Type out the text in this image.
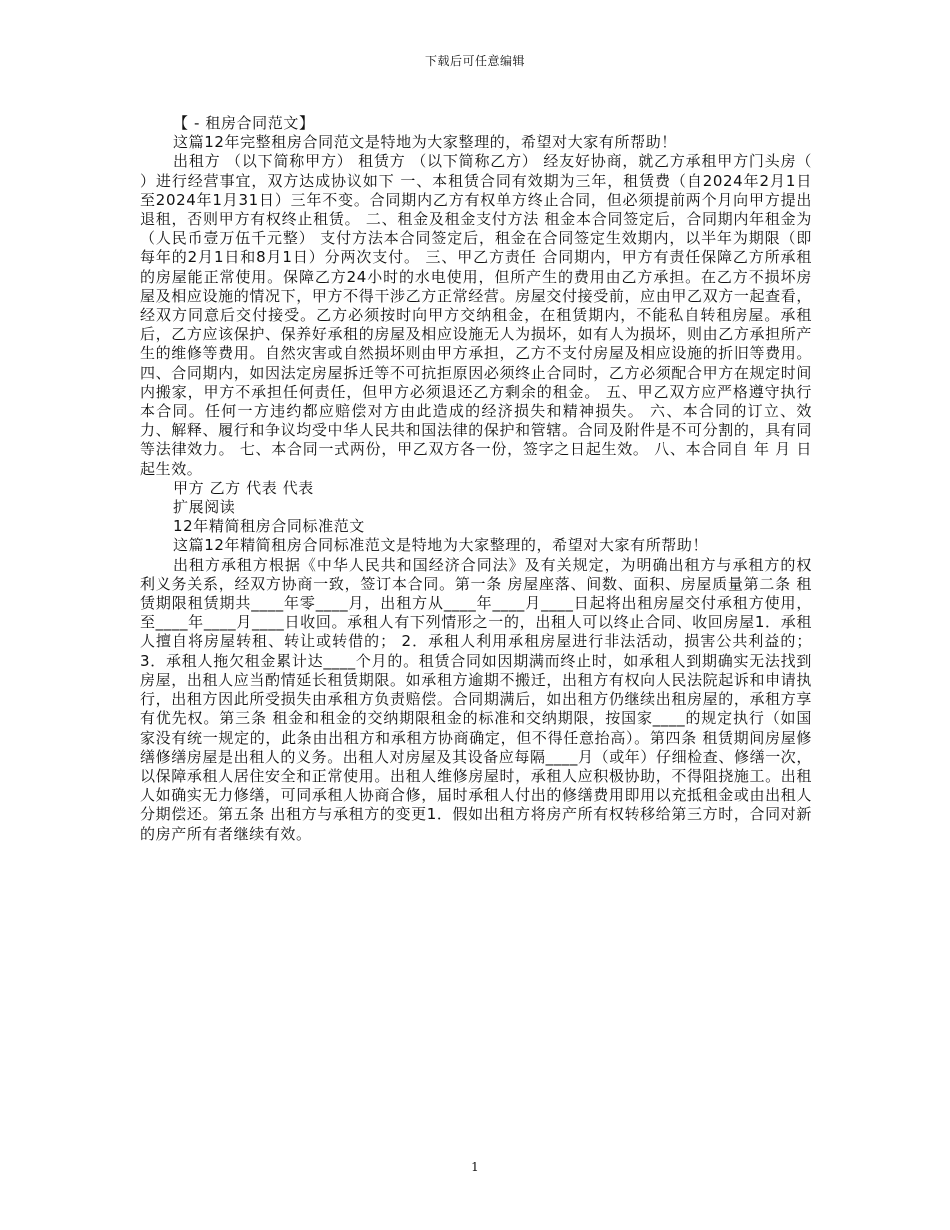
下载后可任意编辑

【 - 租房合同范文】

这篇12年完整租房合同范文是特地为大家整理的，希望对大家有所帮助！

出租方 （以下简称甲方） 租赁方 （以下简称乙方） 经友好协商，就乙方承租甲方门头房（ ）进行经营事宜，双方达成协议如下 一、本租赁合同有效期为三年，租赁费（自2024年2月1日至2024年1月31日）三年不变。合同期内乙方有权单方终止合同，但必须提前两个月向甲方提出退租，否则甲方有权终止租赁。 二、租金及租金支付方法 租金本合同签定后，合同期内年租金为（人民币壹万伍千元整） 支付方法本合同签定后，租金在合同签定生效期内，以半年为期限（即每年的2月1日和8月1日）分两次支付。 三、甲乙方责任 合同期内，甲方有责任保障乙方所承租的房屋能正常使用。保障乙方24小时的水电使用，但所产生的费用由乙方承担。在乙方不损坏房屋及相应设施的情况下，甲方不得干涉乙方正常经营。房屋交付接受前，应由甲乙双方一起查看，经双方同意后交付接受。乙方必须按时向甲方交纳租金，在租赁期内，不能私自转租房屋。承租后，乙方应该保护、保养好承租的房屋及相应设施无人为损坏，如有人为损坏，则由乙方承担所产生的维修等费用。自然灾害或自然损坏则由甲方承担，乙方不支付房屋及相应设施的折旧等费用。 四、合同期内，如因法定房屋拆迁等不可抗拒原因必须终止合同时，乙方必须配合甲方在规定时间内搬家，甲方不承担任何责任，但甲方必须退还乙方剩余的租金。 五、甲乙双方应严格遵守执行本合同。任何一方违约都应赔偿对方由此造成的经济损失和精神损失。 六、本合同的订立、效力、解释、履行和争议均受中华人民共和国法律的保护和管辖。合同及附件是不可分割的，具有同等法律效力。 七、本合同一式两份，甲乙双方各一份，签字之日起生效。 八、本合同自 年 月 日起生效。

甲方 乙方 代表 代表

扩展阅读

12年精简租房合同标准范文

这篇12年精简租房合同标准范文是特地为大家整理的，希望对大家有所帮助！

出租方承租方根据《中华人民共和国经济合同法》及有关规定，为明确出租方与承租方的权利义务关系，经双方协商一致，签订本合同。第一条 房屋座落、间数、面积、房屋质量第二条 租赁期限租赁期共____年零____月，出租方从____年____月____日起将出租房屋交付承租方使用，至____年____月____日收回。承租人有下列情形之一的，出租人可以终止合同、收回房屋1．承租人擅自将房屋转租、转让或转借的； 2．承租人利用承租房屋进行非法活动，损害公共利益的； 3．承租人拖欠租金累计达____个月的。租赁合同如因期满而终止时，如承租人到期确实无法找到房屋，出租人应当酌情延长租赁期限。如承租方逾期不搬迁，出租方有权向人民法院起诉和申请执行，出租方因此所受损失由承租方负责赔偿。合同期满后，如出租方仍继续出租房屋的，承租方享有优先权。第三条 租金和租金的交纳期限租金的标准和交纳期限，按国家____的规定执行（如国家没有统一规定的，此条由出租方和承租方协商确定，但不得任意抬高）。第四条 租赁期间房屋修缮修缮房屋是出租人的义务。出租人对房屋及其设备应每隔____月（或年）仔细检查、修缮一次，以保障承租人居住安全和正常使用。出租人维修房屋时，承租人应积极协助，不得阻挠施工。出租人如确实无力修缮，可同承租人协商合修，届时承租人付出的修缮费用即用以充抵租金或由出租人分期偿还。第五条 出租方与承租方的变更1．假如出租方将房产所有权转移给第三方时，合同对新的房产所有者继续有效。

1
